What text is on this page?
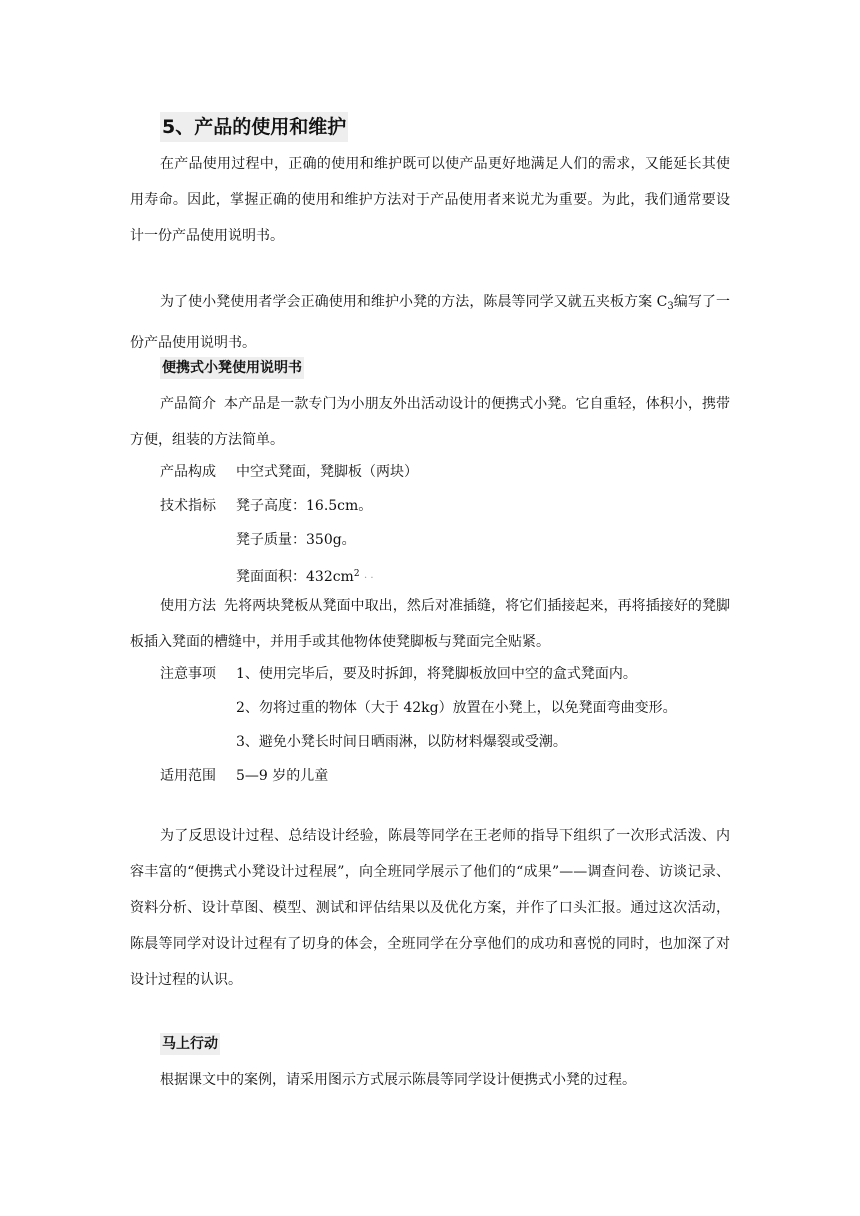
5、产品的使用和维护

在产品使用过程中，正确的使用和维护既可以使产品更好地满足人们的需求，又能延长其使用寿命。因此，掌握正确的使用和维护方法对于产品使用者来说尤为重要。为此，我们通常要设计一份产品使用说明书。

为了使小凳使用者学会正确使用和维护小凳的方法，陈晨等同学又就五夹板方案 $C_3$编写了一份产品使用说明书。

便携式小凳使用说明书
产品简介 本产品是一款专门为小朋友外出活动设计的便携式小凳。它自重轻，体积小，携带方便，组装的方法简单。
产品构成 中空式凳面，凳脚板（两块）
技术指标 凳子高度：16.5cm。
凳子质量：350g。
凳面面积：$432cm^2$ · ·
使用方法 先将两块凳板从凳面中取出，然后对准插缝，将它们插接起来，再将插接好的凳脚板插入凳面的槽缝中，并用手或其他物体使凳脚板与凳面完全贴紧。
注意事项 1、使用完毕后，要及时拆卸，将凳脚板放回中空的盒式凳面内。
2、勿将过重的物体（大于 42kg）放置在小凳上，以免凳面弯曲变形。
3、避免小凳长时间日晒雨淋，以防材料爆裂或受潮。
适用范围 5—9 岁的儿童

为了反思设计过程、总结设计经验，陈晨等同学在王老师的指导下组织了一次形式活泼、内容丰富的“便携式小凳设计过程展”，向全班同学展示了他们的“成果”——调查问卷、访谈记录、资料分析、设计草图、模型、测试和评估结果以及优化方案，并作了口头汇报。通过这次活动，陈晨等同学对设计过程有了切身的体会，全班同学在分享他们的成功和喜悦的同时，也加深了对设计过程的认识。

马上行动

根据课文中的案例，请采用图示方式展示陈晨等同学设计便携式小凳的过程。
